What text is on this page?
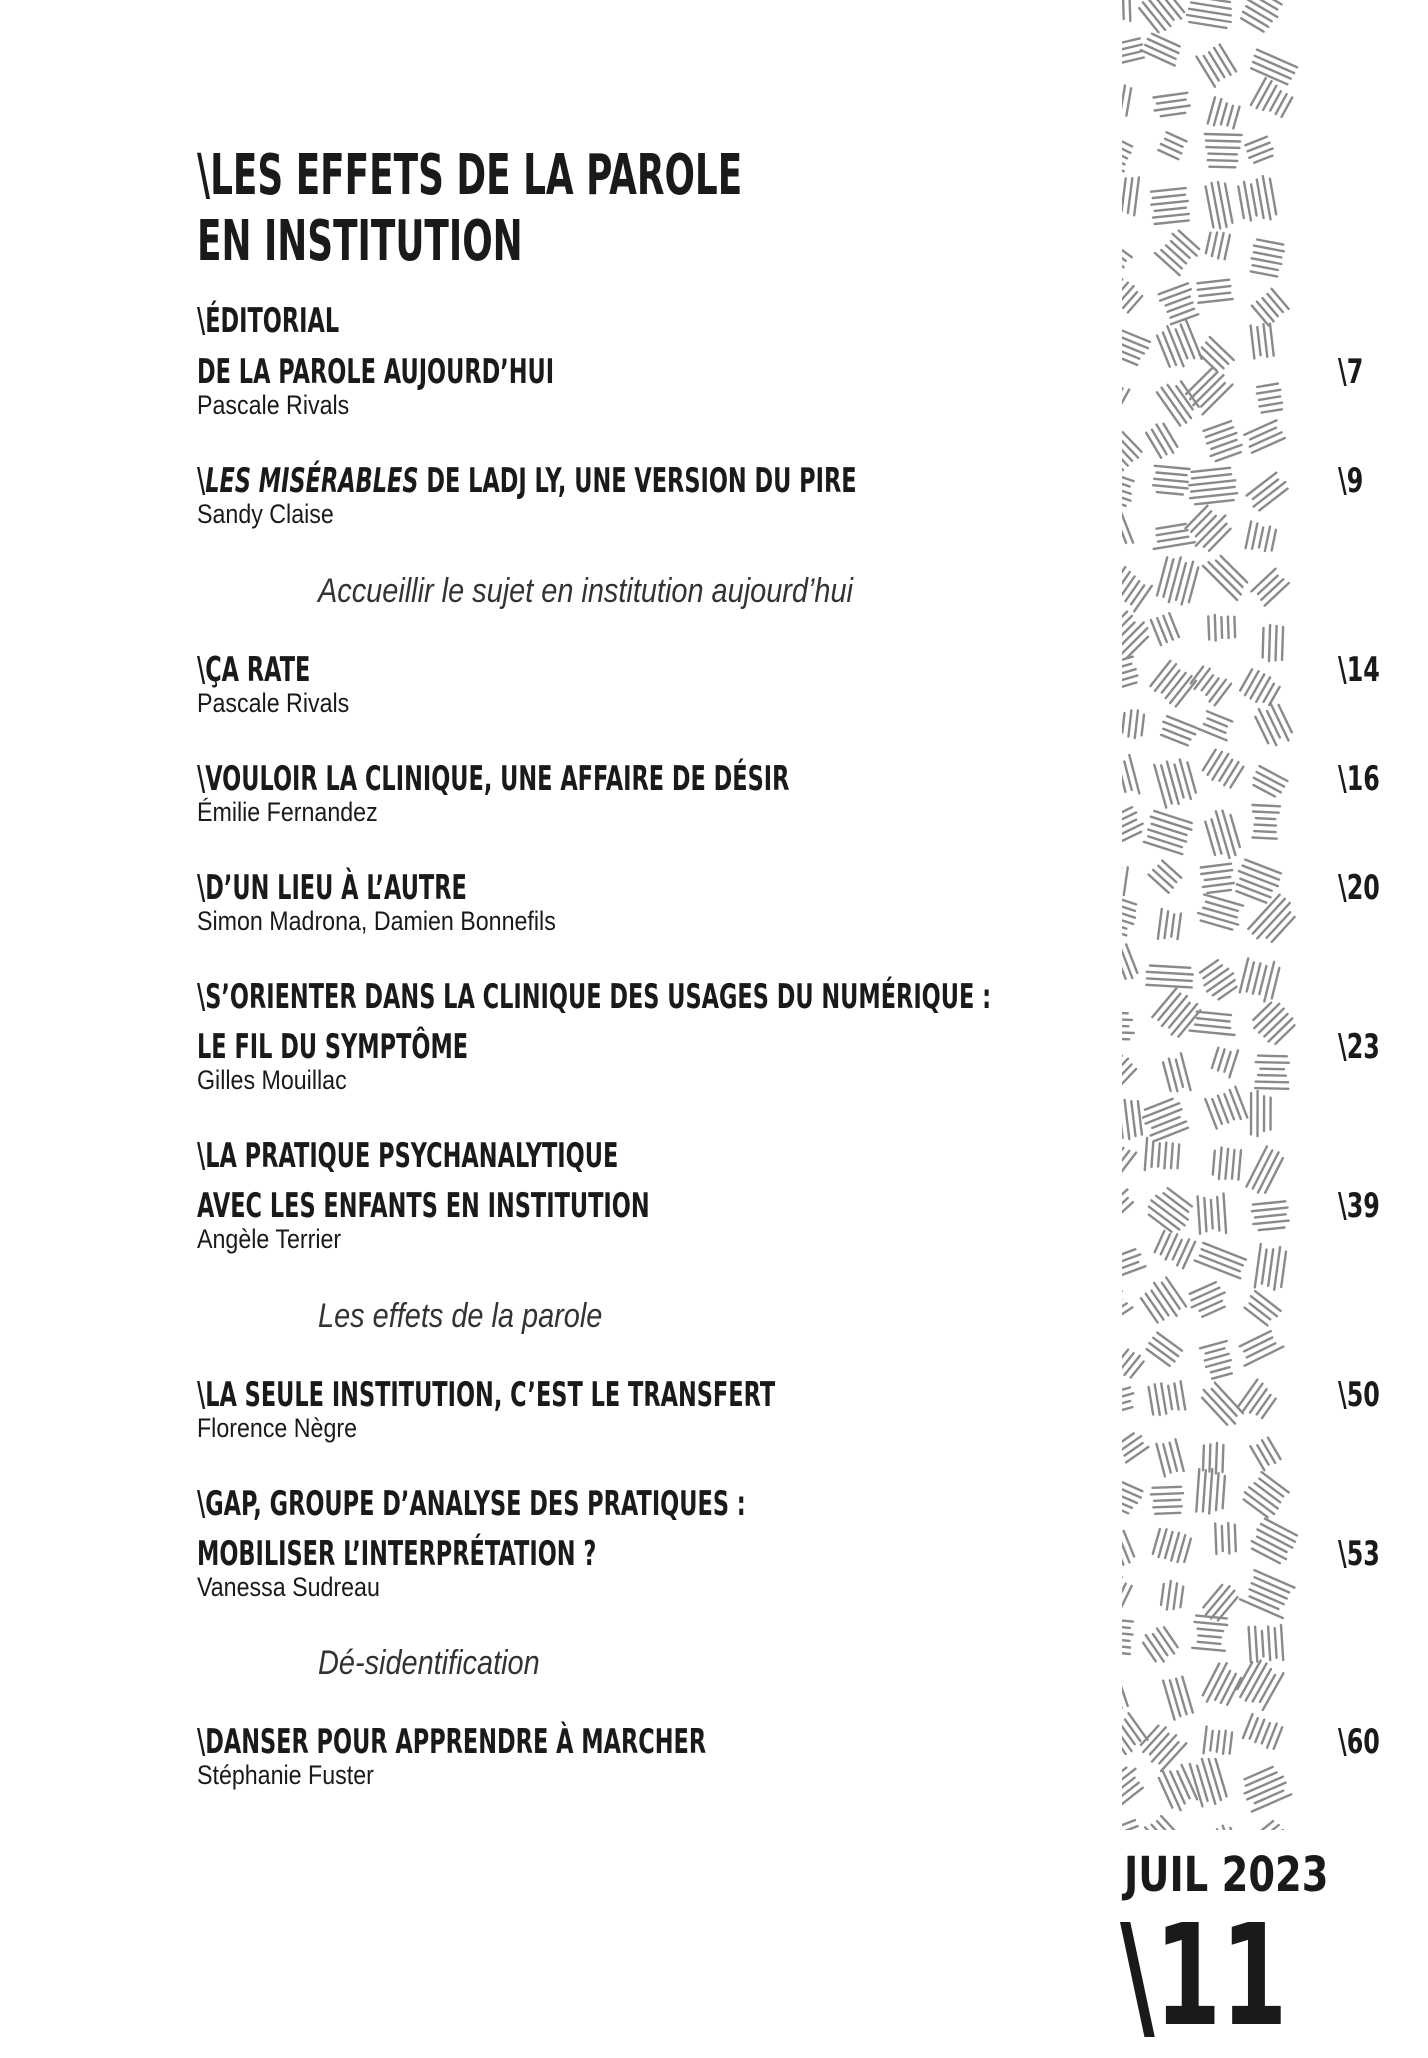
\LES EFFETS DE LA PAROLE
EN INSTITUTION
\ÉDITORIAL
DE LA PAROLE AUJOURD’HUI	\7
Pascale Rivals
\LES MISÉRABLES DE LADJ LY, UNE VERSION DU PIRE	\9
Sandy Claise
Accueillir le sujet en institution aujourd’hui
\ÇA RATE	\14
Pascale Rivals
\VOULOIR LA CLINIQUE, UNE AFFAIRE DE DÉSIR	\16
Émilie Fernandez
\D’UN LIEU À L’AUTRE	\20
Simon Madrona, Damien Bonnefils
\S’ORIENTER DANS LA CLINIQUE DES USAGES DU NUMÉRIQUE :
LE FIL DU SYMPTÔME	\23
Gilles Mouillac
\LA PRATIQUE PSYCHANALYTIQUE
AVEC LES ENFANTS EN INSTITUTION	\39
Angèle Terrier
Les effets de la parole
\LA SEULE INSTITUTION, C’EST LE TRANSFERT	\50
Florence Nègre
\GAP, GROUPE D’ANALYSE DES PRATIQUES :
MOBILISER L’INTERPRÉTATION ?	\53
Vanessa Sudreau
Dé-sidentification
\DANSER POUR APPRENDRE À MARCHER	\60
Stéphanie Fuster
JUIL 2023
\11
